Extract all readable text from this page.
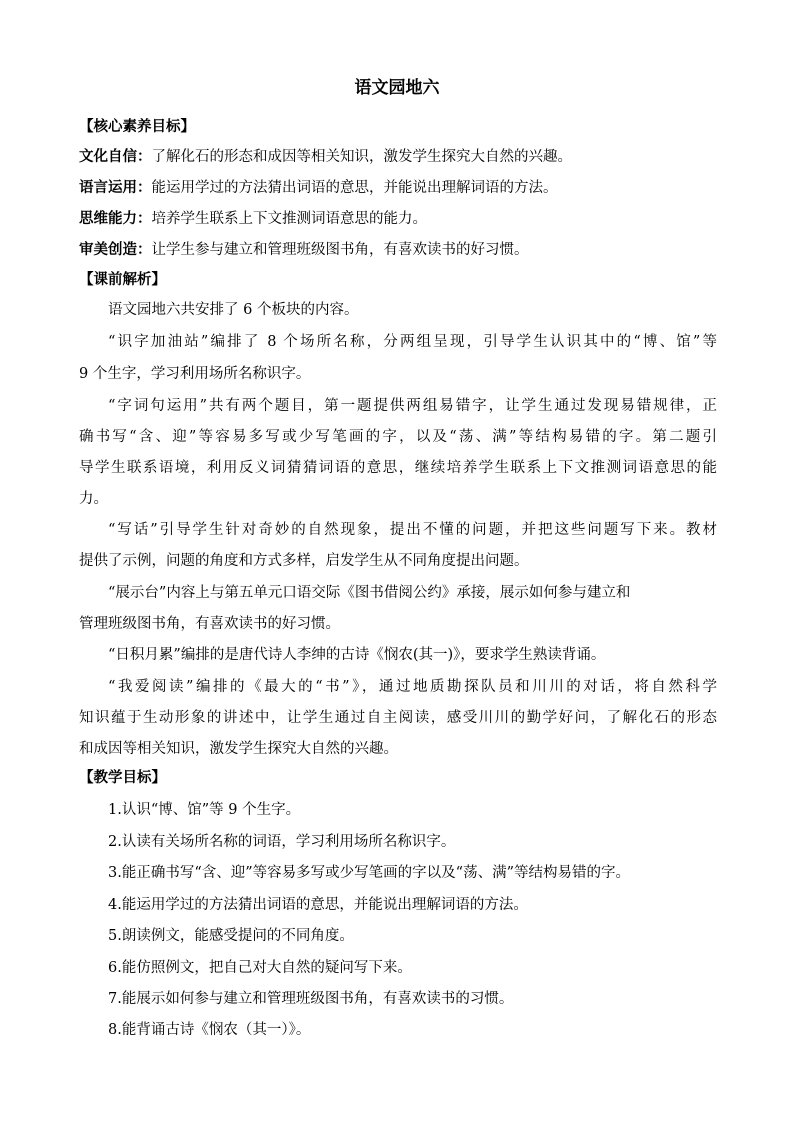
语文园地六
【核心素养目标】
文化自信：了解化石的形态和成因等相关知识，激发学生探究大自然的兴趣。
语言运用：能运用学过的方法猜出词语的意思，并能说出理解词语的方法。
思维能力：培养学生联系上下文推测词语意思的能力。
审美创造：让学生参与建立和管理班级图书角，有喜欢读书的好习惯。
【课前解析】
语文园地六共安排了 6 个板块的内容。
“识字加油站”编排了 8 个场所名称，分两组呈现，引导学生认识其中的“博、馆”等
9 个生字，学习利用场所名称识字。
“字词句运用”共有两个题目，第一题提供两组易错字，让学生通过发现易错规律，正
确书写“含、迎”等容易多写或少写笔画的字，以及“荡、满”等结构易错的字。第二题引
导学生联系语境，利用反义词猜猜词语的意思，继续培养学生联系上下文推测词语意思的能
力。
“写话”引导学生针对奇妙的自然现象，提出不懂的问题，并把这些问题写下来。教材
提供了示例，问题的角度和方式多样，启发学生从不同角度提出问题。
“展示台”内容上与第五单元口语交际《图书借阅公约》承接，展示如何参与建立和
管理班级图书角，有喜欢读书的好习惯。
“日积月累”编排的是唐代诗人李绅的古诗《悯农(其一)》，要求学生熟读背诵。
“我爱阅读”编排的《最大的“书”》，通过地质勘探队员和川川的对话，将自然科学
知识蕴于生动形象的讲述中，让学生通过自主阅读，感受川川的勤学好问，了解化石的形态
和成因等相关知识，激发学生探究大自然的兴趣。
【教学目标】
1.认识“博、馆”等 9 个生字。
2.认读有关场所名称的词语，学习利用场所名称识字。
3.能正确书写“含、迎”等容易多写或少写笔画的字以及“荡、满”等结构易错的字。
4.能运用学过的方法猜出词语的意思，并能说出理解词语的方法。
5.朗读例文，能感受提问的不同角度。
6.能仿照例文，把自己对大自然的疑问写下来。
7.能展示如何参与建立和管理班级图书角，有喜欢读书的习惯。
8.能背诵古诗《悯农（其一）》。
